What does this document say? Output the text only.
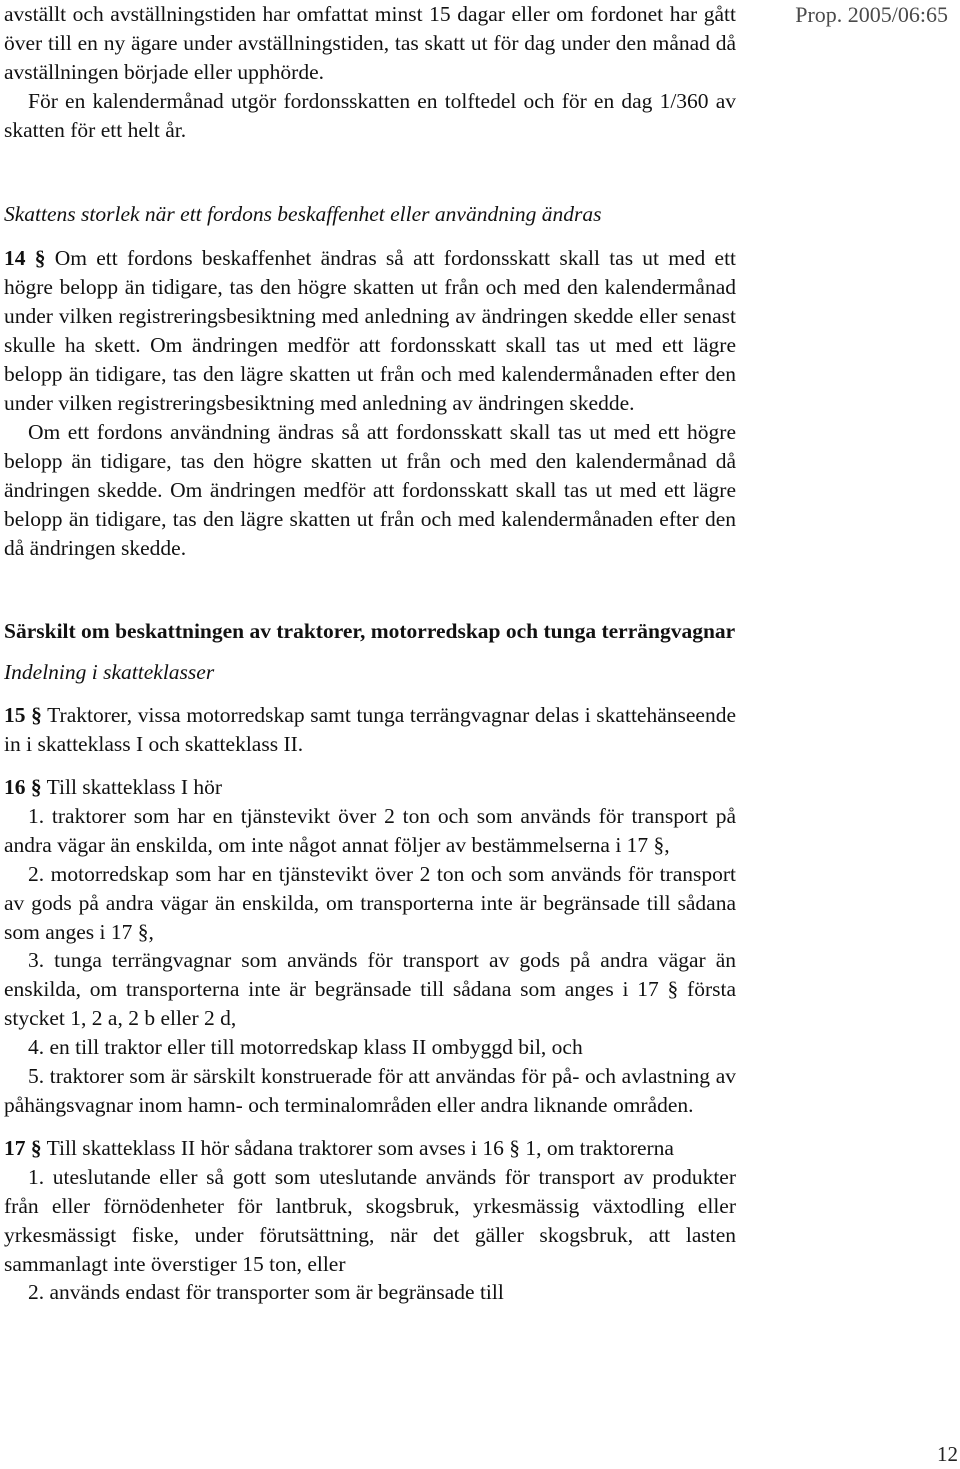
Prop. 2005/06:65

avställt och avställningstiden har omfattat minst 15 dagar eller om fordonet har gått över till en ny ägare under avställningstiden, tas skatt ut för dag under den månad då avställningen började eller upphörde.

För en kalendermånad utgör fordonsskatten en tolftedel och för en dag 1/360 av skatten för ett helt år.

Skattens storlek när ett fordons beskaffenhet eller användning ändras

14 § Om ett fordons beskaffenhet ändras så att fordonsskatt skall tas ut med ett högre belopp än tidigare, tas den högre skatten ut från och med den kalendermånad under vilken registreringsbesiktning med anledning av ändringen skedde eller senast skulle ha skett. Om ändringen medför att fordonsskatt skall tas ut med ett lägre belopp än tidigare, tas den lägre skatten ut från och med kalendermånaden efter den under vilken registreringsbesiktning med anledning av ändringen skedde.

Om ett fordons användning ändras så att fordonsskatt skall tas ut med ett högre belopp än tidigare, tas den högre skatten ut från och med den kalendermånad då ändringen skedde. Om ändringen medför att fordonsskatt skall tas ut med ett lägre belopp än tidigare, tas den lägre skatten ut från och med kalendermånaden efter den då ändringen skedde.

Särskilt om beskattningen av traktorer, motorredskap och tunga terrängvagnar

Indelning i skatteklasser

15 § Traktorer, vissa motorredskap samt tunga terrängvagnar delas i skattehänseende in i skatteklass I och skatteklass II.

16 § Till skatteklass I hör

1. traktorer som har en tjänstevikt över 2 ton och som används för transport på andra vägar än enskilda, om inte något annat följer av bestämmelserna i 17 §,

2. motorredskap som har en tjänstevikt över 2 ton och som används för transport av gods på andra vägar än enskilda, om transporterna inte är begränsade till sådana som anges i 17 §,

3. tunga terrängvagnar som används för transport av gods på andra vägar än enskilda, om transporterna inte är begränsade till sådana som anges i 17 § första stycket 1, 2 a, 2 b eller 2 d,

4. en till traktor eller till motorredskap klass II ombyggd bil, och

5. traktorer som är särskilt konstruerade för att användas för på- och avlastning av påhängsvagnar inom hamn- och terminalområden eller andra liknande områden.

17 § Till skatteklass II hör sådana traktorer som avses i 16 § 1, om traktorerna

1. uteslutande eller så gott som uteslutande används för transport av produkter från eller förnödenheter för lantbruk, skogsbruk, yrkesmässig växtodling eller yrkesmässigt fiske, under förutsättning, när det gäller skogsbruk, att lasten sammanlagt inte överstiger 15 ton, eller

2. används endast för transporter som är begränsade till

12
